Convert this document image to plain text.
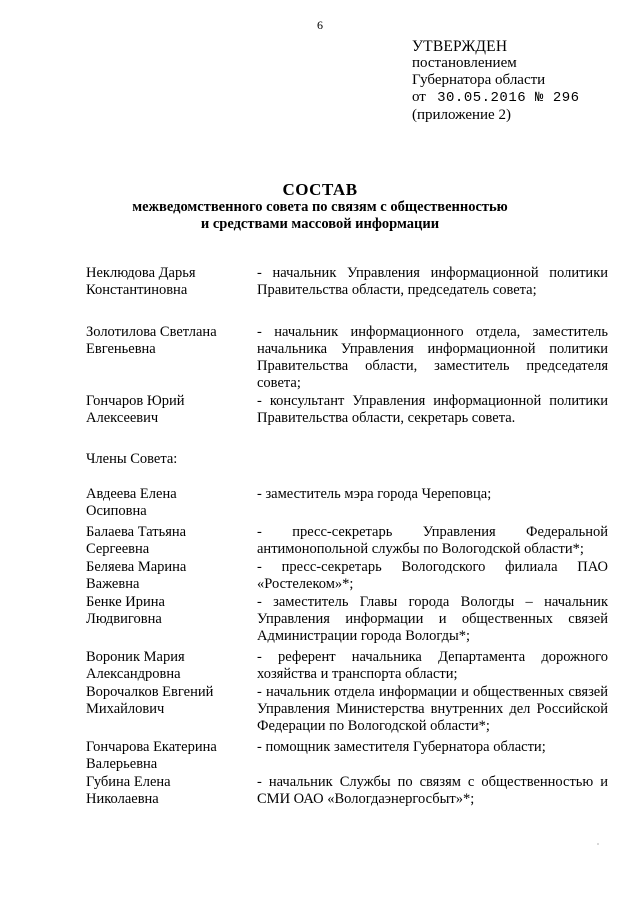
6
УТВЕРЖДЕН
постановлением
Губернатора области
от 30.05.2016 № 296
(приложение 2)
СОСТАВ
межведомственного совета по связям с общественностью
и средствами массовой информации
Неклюдова Дарья Константиновна
- начальник Управления информационной политики Правительства области, председатель совета;
Золотилова Светлана Евгеньевна
- начальник информационного отдела, заместитель начальника Управления информационной политики Правительства области, заместитель председателя совета;
Гончаров Юрий Алексеевич
- консультант Управления информационной политики Правительства области, секретарь совета.
Члены Совета:
Авдеева Елена Осиповна
- заместитель мэра города Череповца;
Балаева Татьяна Сергеевна
- пресс-секретарь Управления Федеральной антимонопольной службы по Вологодской области*;
Беляева Марина Важевна
- пресс-секретарь Вологодского филиала ПАО «Ростелеком»*;
Бенке Ирина Людвиговна
- заместитель Главы города Вологды – начальник Управления информации и общественных связей Администрации города Вологды*;
Вороник Мария Александровна
- референт начальника Департамента дорожного хозяйства и транспорта области;
Ворочалков Евгений Михайлович
- начальник отдела информации и общественных связей Управления Министерства внутренних дел Российской Федерации по Вологодской области*;
Гончарова Екатерина Валерьевна
- помощник заместителя Губернатора области;
Губина Елена Николаевна
- начальник Службы по связям с общественностью и СМИ ОАО «Вологдаэнергосбыт»*;
